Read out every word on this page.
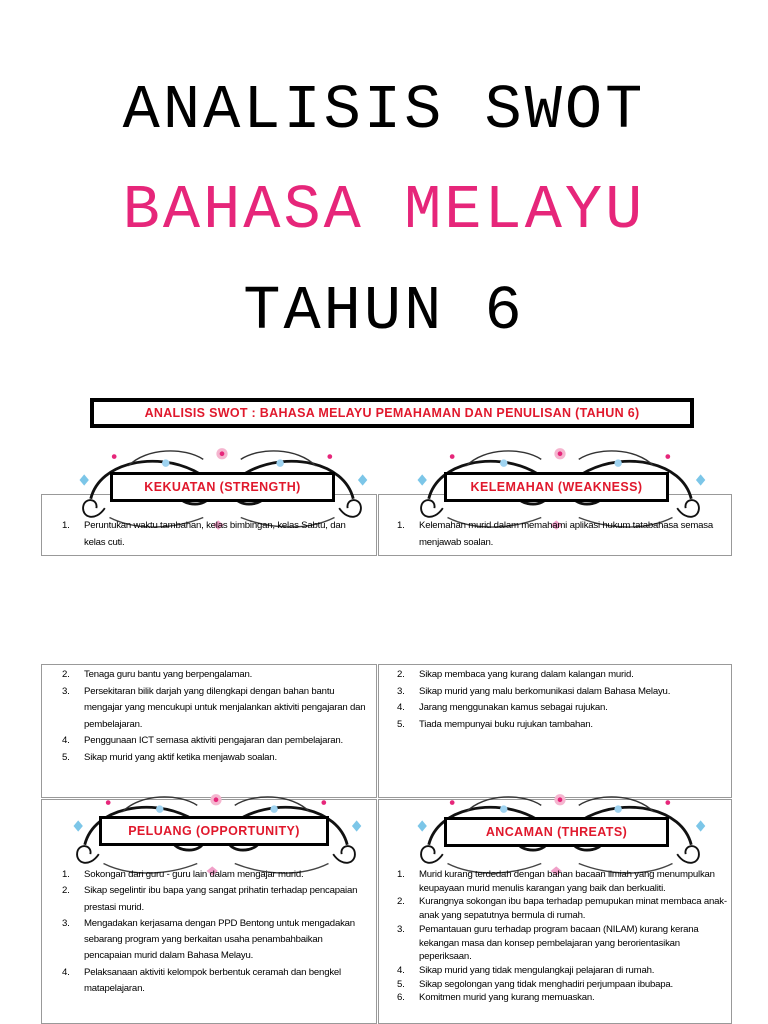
ANALISIS SWOT
BAHASA MELAYU
TAHUN 6
ANALISIS SWOT : BAHASA MELAYU PEMAHAMAN DAN PENULISAN (TAHUN 6)
KEKUATAN (STRENGTH)	KELEMAHAN (WEAKNESS)
1.	Peruntukan waktu tambahan, kelas bimbingan, kelas Sabtu, dan kelas cuti.
1.	Kelemahan murid dalam memahami aplikasi hukum tatabahasa semasa menjawab soalan.
2.	Tenaga guru bantu yang berpengalaman.
3.	Persekitaran bilik darjah yang dilengkapi dengan bahan bantu mengajar yang mencukupi untuk menjalankan aktiviti pengajaran dan pembelajaran.
4.	Penggunaan ICT semasa aktiviti pengajaran dan pembelajaran.
5.	Sikap murid yang aktif ketika menjawab soalan.
2.	Sikap membaca yang kurang dalam kalangan murid.
3.	Sikap murid yang malu berkomunikasi dalam Bahasa Melayu.
4.	Jarang menggunakan kamus sebagai rujukan.
5.	Tiada mempunyai buku rujukan tambahan.
PELUANG (OPPORTUNITY)	ANCAMAN (THREATS)
1.	Sokongan dari guru - guru lain dalam mengajar murid.
2.	Sikap segelintir ibu bapa yang sangat prihatin terhadap pencapaian prestasi murid.
3.	Mengadakan kerjasama dengan PPD Bentong untuk mengadakan sebarang program yang berkaitan usaha penambahbaikan pencapaian murid dalam Bahasa Melayu.
4.	Pelaksanaan aktiviti kelompok berbentuk ceramah dan bengkel matapelajaran.
1.	Murid kurang terdedah dengan bahan bacaan ilmiah yang menumpulkan keupayaan murid menulis karangan yang baik dan berkualiti.
2.	Kurangnya sokongan ibu bapa terhadap pemupukan minat membaca anak-anak yang sepatutnya bermula di rumah.
3.	Pemantauan guru terhadap program bacaan (NILAM) kurang kerana kekangan masa dan konsep pembelajaran yang berorientasikan peperiksaan.
4.	Sikap murid yang tidak mengulangkaji pelajaran di rumah.
5.	Sikap segolongan yang tidak menghadiri perjumpaan ibubapa.
6.	Komitmen murid yang kurang memuaskan.
